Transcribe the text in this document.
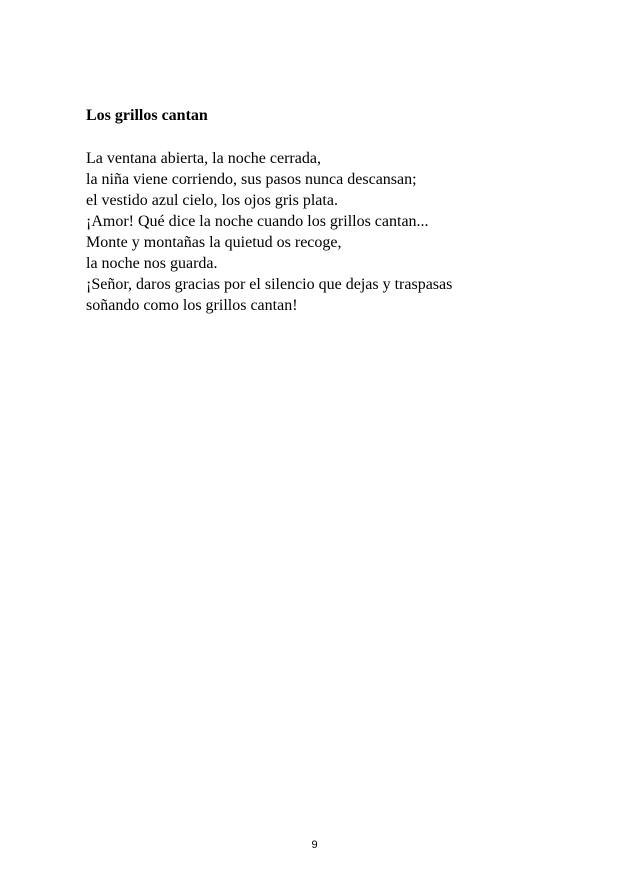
Los grillos cantan
La ventana abierta, la noche cerrada,
la niña viene corriendo, sus pasos nunca descansan;
el vestido azul cielo, los ojos gris plata.
¡Amor! Qué dice la noche cuando los grillos cantan...
Monte y montañas la quietud os recoge,
la noche nos guarda.
¡Señor, daros gracias por el silencio que dejas y traspasas
soñando como los grillos cantan!
9
